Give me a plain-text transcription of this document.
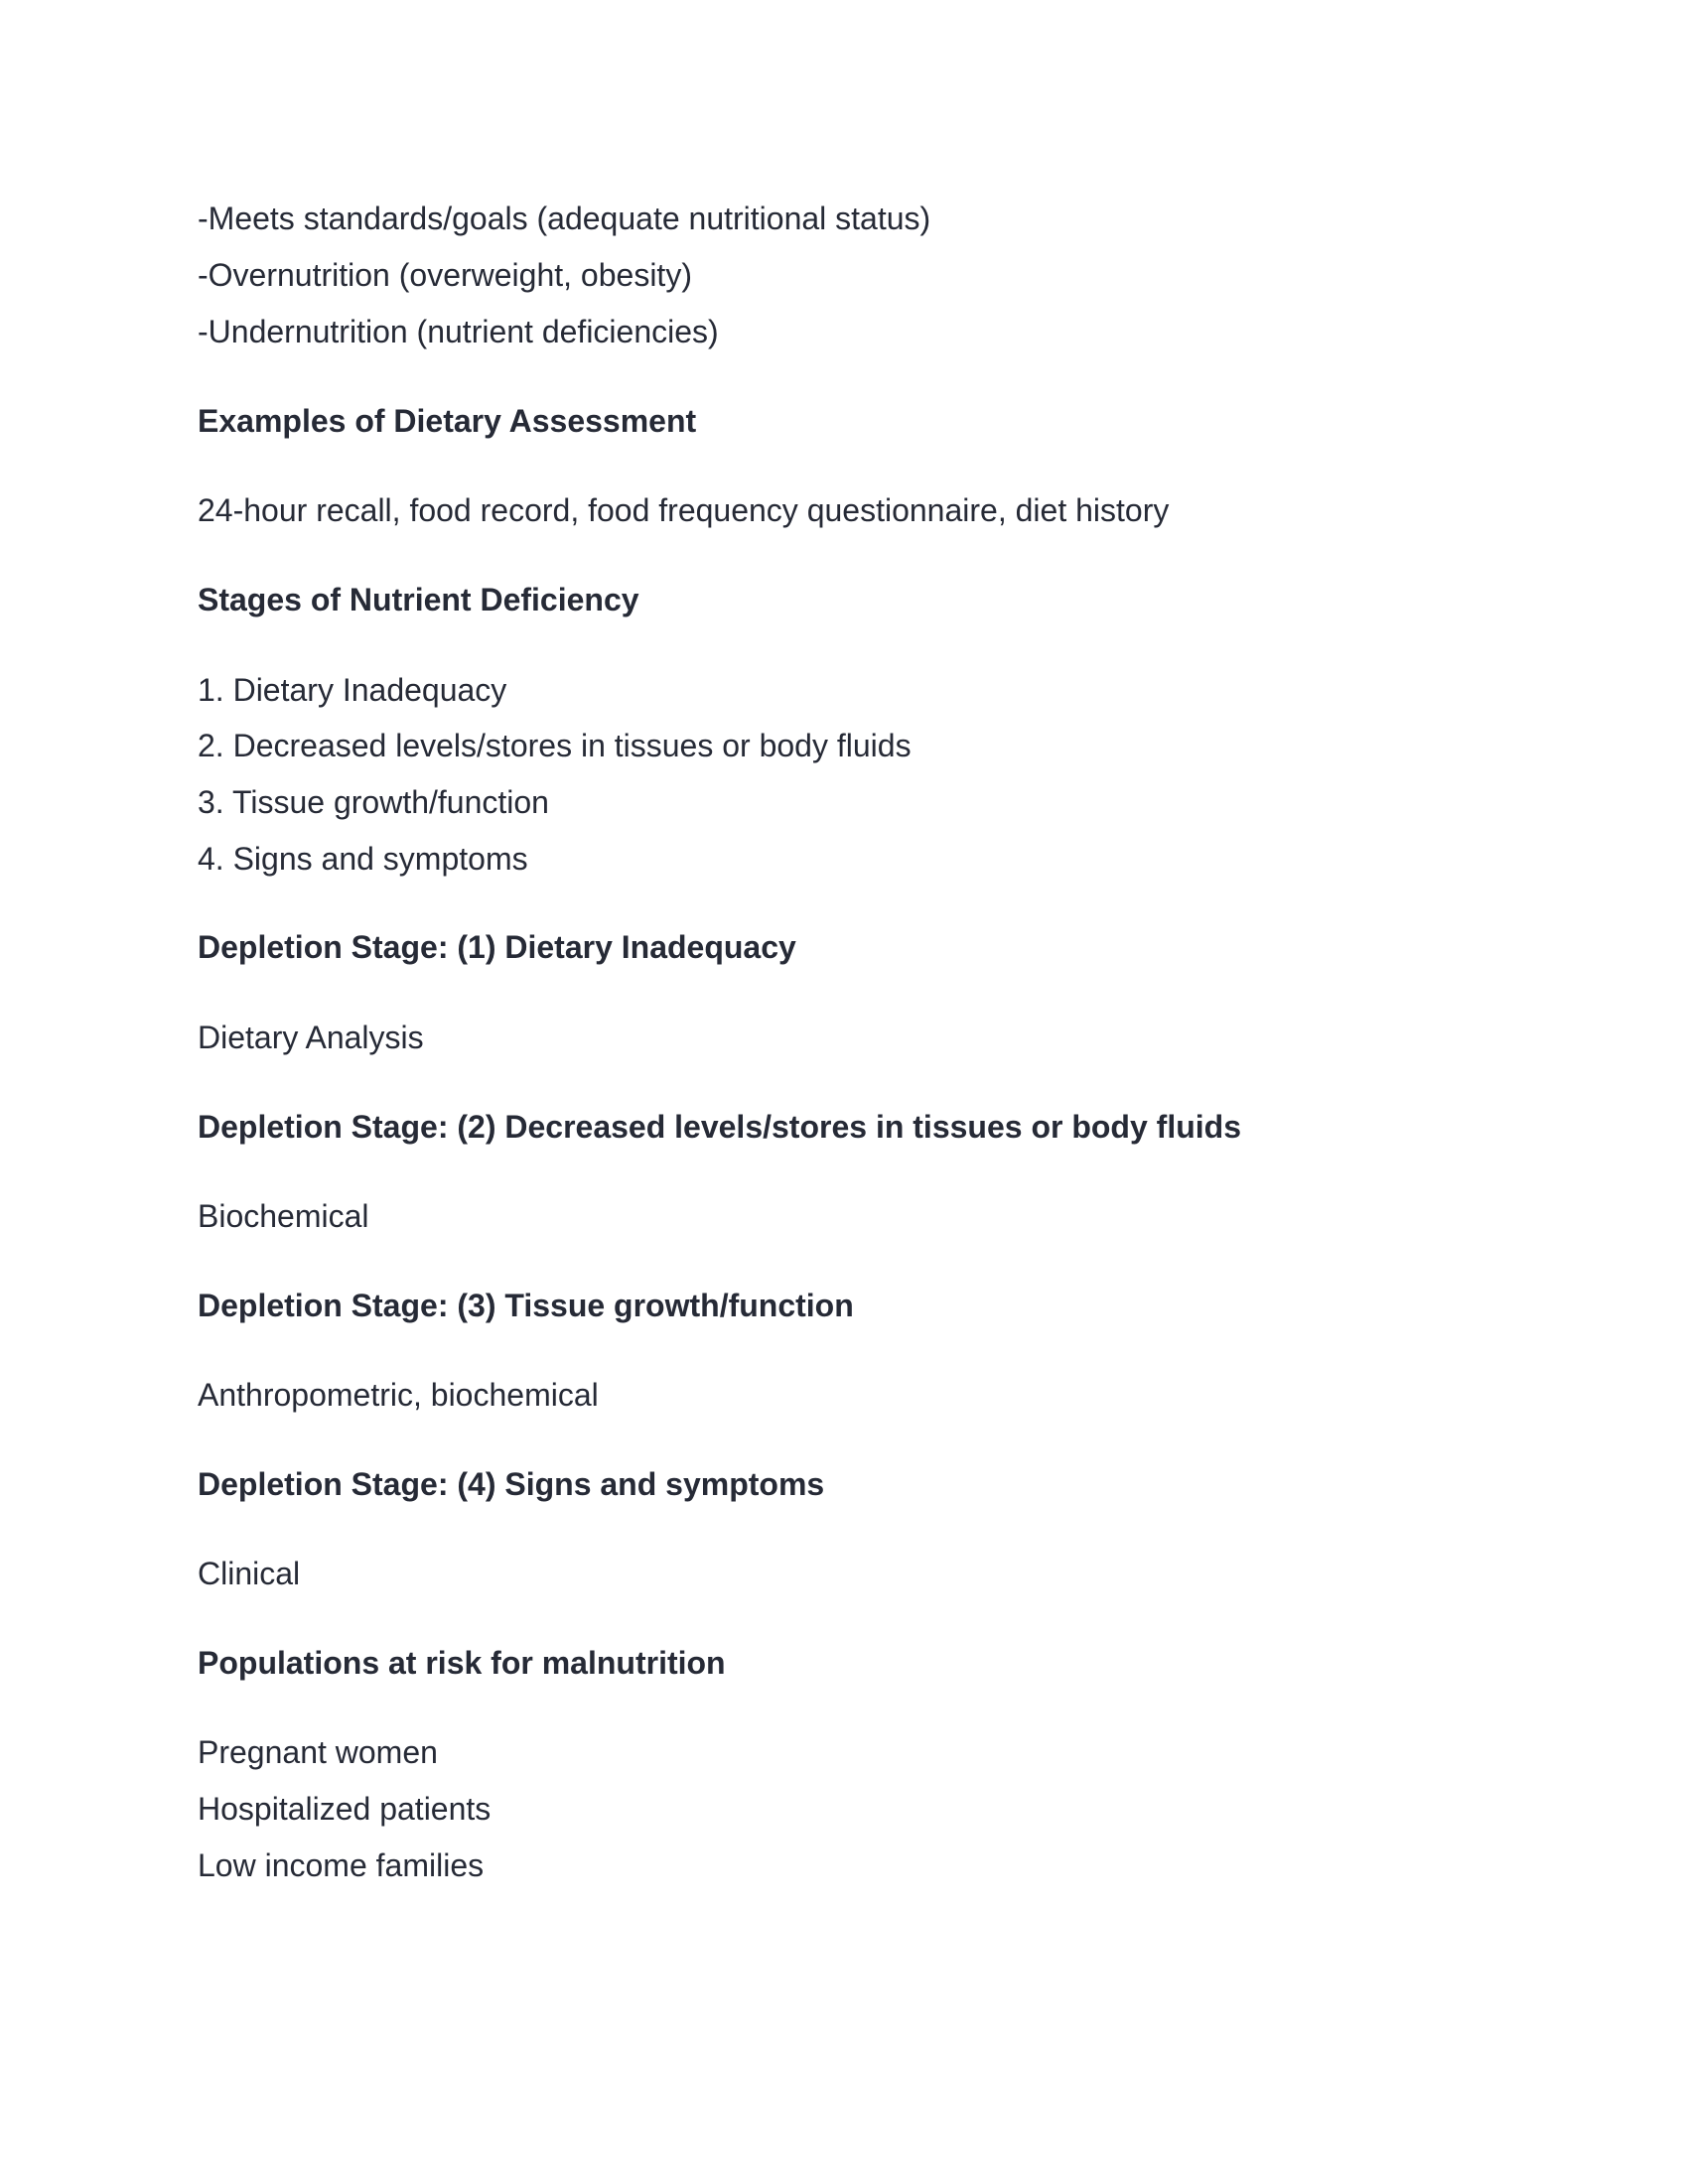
-Meets standards/goals (adequate nutritional status)
-Overnutrition (overweight, obesity)
-Undernutrition (nutrient deficiencies)
Examples of Dietary Assessment
24-hour recall, food record, food frequency questionnaire, diet history
Stages of Nutrient Deficiency
1. Dietary Inadequacy
2. Decreased levels/stores in tissues or body fluids
3. Tissue growth/function
4. Signs and symptoms
Depletion Stage: (1) Dietary Inadequacy
Dietary Analysis
Depletion Stage: (2) Decreased levels/stores in tissues or body fluids
Biochemical
Depletion Stage: (3) Tissue growth/function
Anthropometric, biochemical
Depletion Stage: (4) Signs and symptoms
Clinical
Populations at risk for malnutrition
Pregnant women
Hospitalized patients
Low income families
